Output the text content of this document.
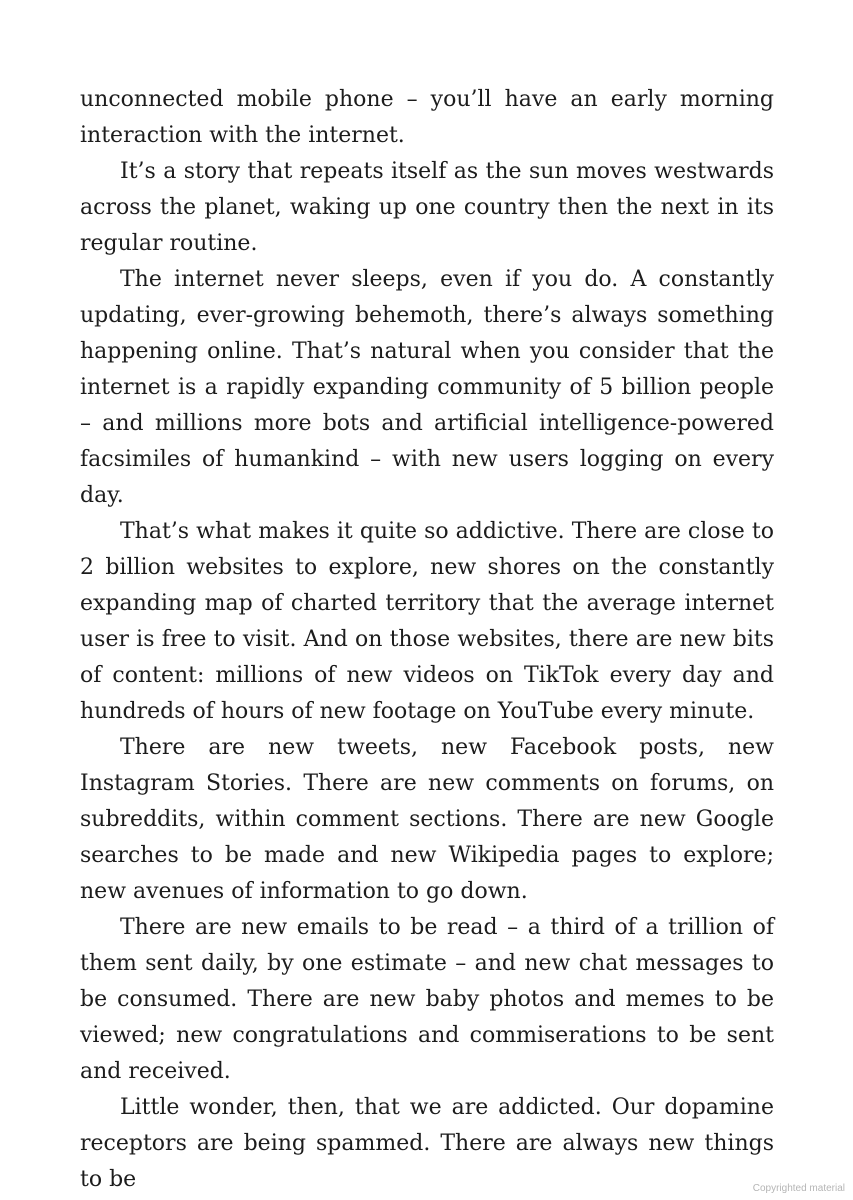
unconnected mobile phone – you’ll have an early morning interaction with the internet.

It’s a story that repeats itself as the sun moves westwards across the planet, waking up one country then the next in its regular routine.

The internet never sleeps, even if you do. A constantly updating, ever-growing behemoth, there’s always something happening online. That’s natural when you consider that the internet is a rapidly expanding community of 5 billion people – and millions more bots and artificial intelligence-powered facsimiles of humankind – with new users logging on every day.

That’s what makes it quite so addictive. There are close to 2 billion websites to explore, new shores on the constantly expanding map of charted territory that the average internet user is free to visit. And on those websites, there are new bits of content: millions of new videos on TikTok every day and hundreds of hours of new footage on YouTube every minute.

There are new tweets, new Facebook posts, new Instagram Stories. There are new comments on forums, on subreddits, within comment sections. There are new Google searches to be made and new Wikipedia pages to explore; new avenues of information to go down.

There are new emails to be read – a third of a trillion of them sent daily, by one estimate – and new chat messages to be consumed. There are new baby photos and memes to be viewed; new congratulations and commiserations to be sent and received.

Little wonder, then, that we are addicted. Our dopamine receptors are being spammed. There are always new things to be	Copyrighted material
